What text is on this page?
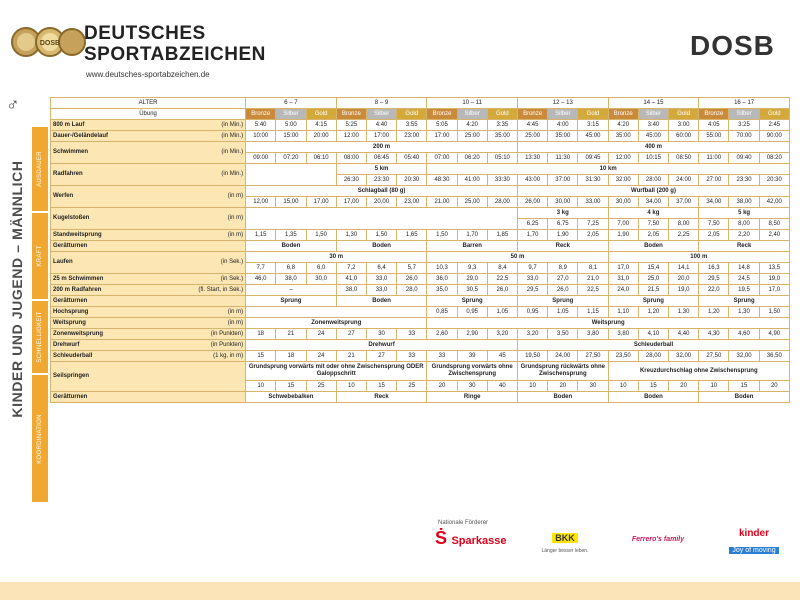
DOSB DEUTSCHES
SPORTABZEICHEN
www.deutsches-sportabzeichen.de
DOSB
♂
KINDER UND JUGEND – MÄNNLICH AUSDAUER
KRAFT
SCHNELLIGKEIT
KOORDINATION
ALTER		6 – 7			8 – 9			10 – 11			12 – 13			14 – 15			16 – 17		
Übung		Bronze	Silber	Gold	Bronze	Silber	Gold	Bronze	Silber	Gold	Bronze	Silber	Gold	Bronze	Silber	Gold	Bronze	Silber	Gold
800 m Lauf	(in Min.)	5:40	5:00	4:15	5:25	4:40	3:55	5:05	4:20	3:35	4:45	4:00	3:15	4:20	3:40	3:00	4:05	3:25	2:45
Dauer-/Geländelauf	(in Min.)	10:00	15:00	20:00	12:00	17:00	23:00	17:00	25:00	35:00	25:00	35:00	45:00	35:00	45:00	60:00	55:00	70:00	90:00
Schwimmen	(in Min.)	200 m									400 m								
		09:00	07:20	06:10	08:00	06:45	05:40	07:00	06:20	05:10	13:30	11:30	09:45	12:00	10:15	08:50	11:00	09:40	08:20
Radfahren	(in Min.)				5 km			10 km											
					26:30	23:30	20:30	48:30	41:00	33:30	43:00	37:00	31:30	32:00	28:00	24:00	27:00	23:30	20:30
Werfen	(in m)	Schlagball (80 g)									Wurfball (200 g)								
		12,00	15,00	17,00	17,00	20,00	23,00	21,00	25,00	28,00	26,00	30,00	33,00	30,00	34,00	37,00	34,00	38,00	42,00
Kugelstoßen	(in m)										3 kg			4 kg			5 kg		
											6,25	6,75	7,25	7,00	7,50	8,00	7,50	8,00	8,50
Standweitsprung	(in m)	1,15	1,35	1,50	1,30	1,50	1,65	1,50	1,70	1,85	1,70	1,90	2,05	1,90	2,05	2,25	2,05	2,20	2,40
Gerätturnen		Boden			Boden			Barren			Reck			Boden			Reck		
Laufen	(in Sek.)	30 m						50 m						100 m					
		7,7	6,8	6,0	7,2	6,4	5,7	10,3	9,3	8,4	9,7	8,9	8,1	17,0	15,4	14,1	16,3	14,8	13,5
25 m Schwimmen	(in Sek.)	46,0	38,0	30,0	41,0	33,0	26,0	36,0	29,0	22,5	33,0	27,0	21,0	31,0	25,0	20,0	29,5	24,5	19,0
200 m Radfahren	(fl. Start, in Sek.)	–			38,0	33,0	28,0	35,0	30,5	26,0	29,5	26,0	22,5	24,0	21,5	19,0	22,0	19,5	17,0
Gerätturnen		Sprung			Boden			Sprung			Sprung			Sprung			Sprung		
Hochsprung	(in m)							0,85	0,95	1,05	0,95	1,05	1,15	1,10	1,20	1,30	1,20	1,30	1,50
Weitsprung	(in m)	Zonenweitsprung						Weitsprung											
Zonenweitsprung	(in Punkten)	18	21	24	27	30	33	2,60	2,90	3,20	3,20	3,50	3,80	3,80	4,10	4,40	4,30	4,60	4,90
Drehwurf	(in Punkten)	Drehwurf									Schleuderball								
Schleuderball	(1 kg, in m)	15	18	24	21	27	33	33	39	45	19,50	24,00	27,50	23,50	28,00	32,00	27,50	32,00	36,50
Seilspringen		Grundsprung vorwärts mit oder ohne Zwischensprung ODER Galoppschritt						Grundsprung vorwärts ohne Zwischensprung			Grundsprung rückwärts ohne Zwischensprung			Kreuzdurchschlag ohne Zwischensprung					
		10	15	25	10	15	25	20	30	40	10	20	30	10	15	20	10	15	20
Gerätturnen		Schwebebalken			Reck			Ringe			Boden			Boden			Boden		
Nationale Förderer
Ṡ Sparkasse	BKK
Länger besser leben.
Ferrero's family
kinder
Joy of moving
